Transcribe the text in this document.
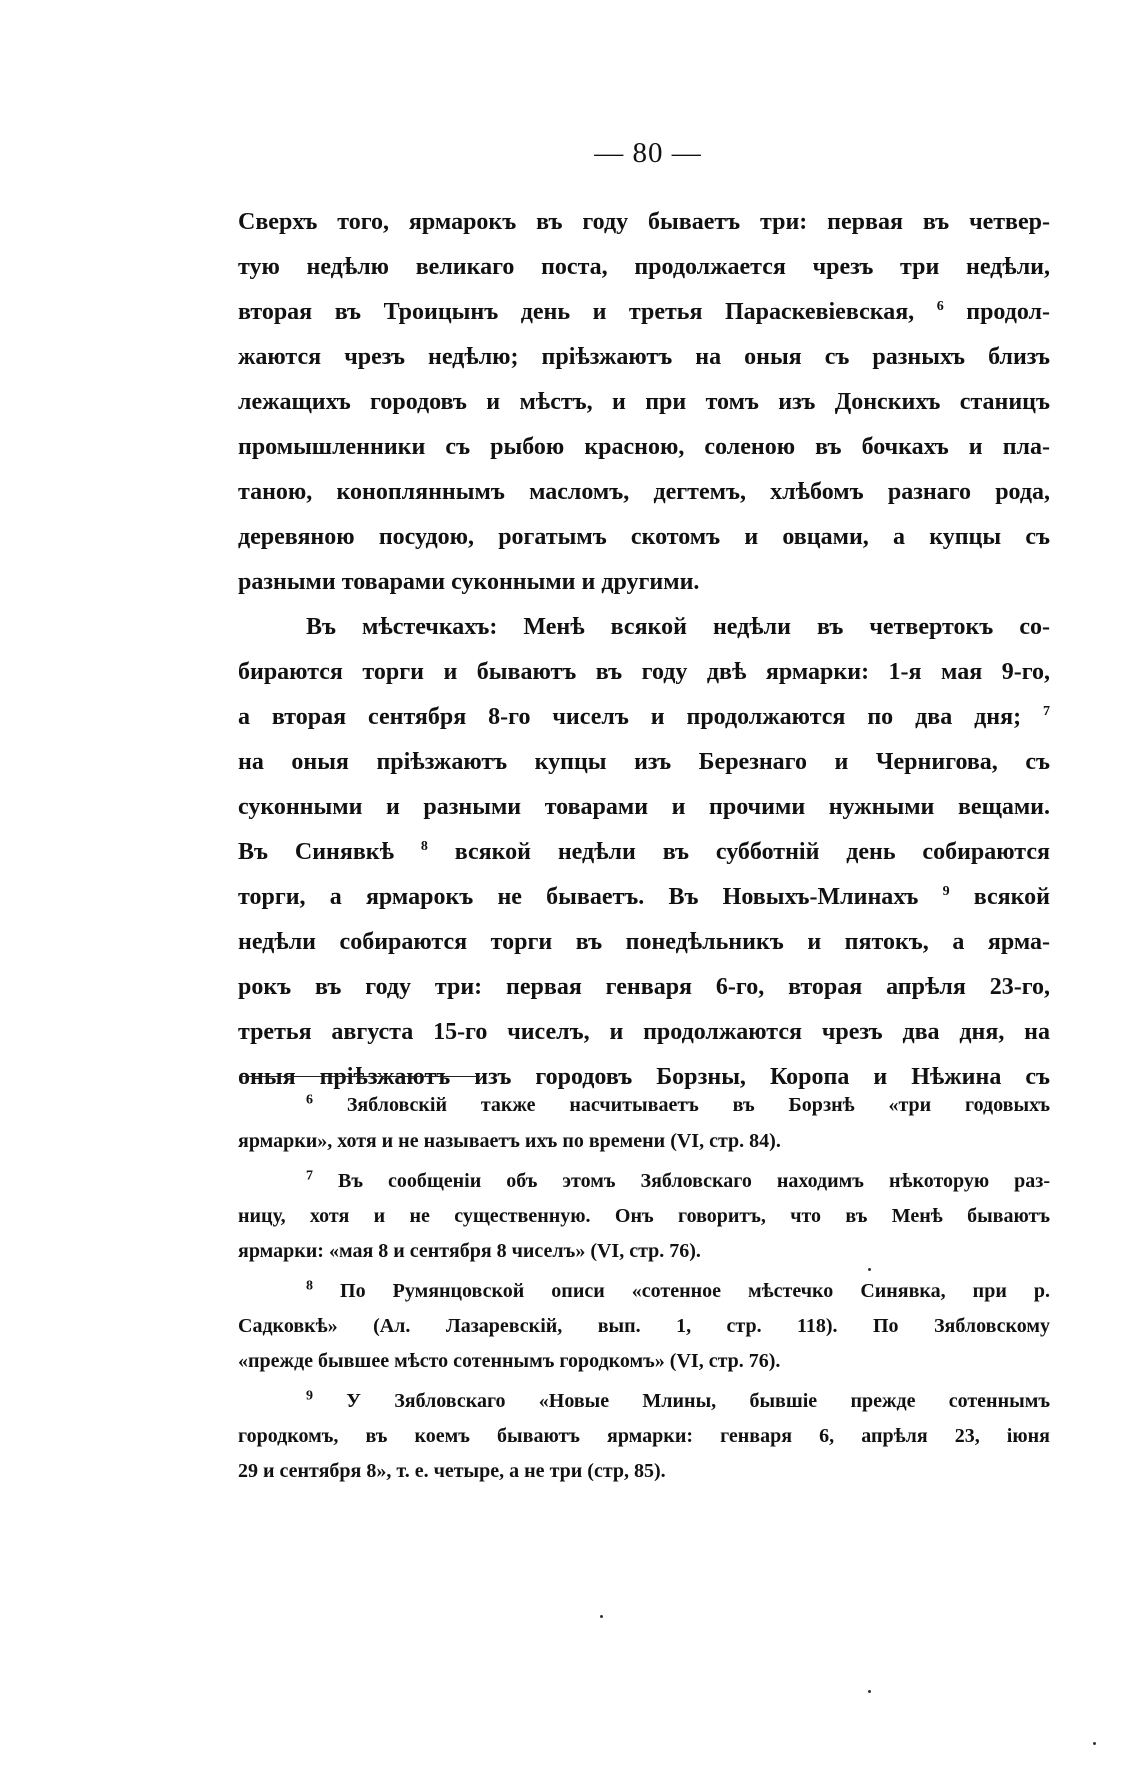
— 80 —
Сверхъ того, ярмарокъ въ году бываетъ три: первая въ четвер-
тую недѣлю великаго поста, продолжается чрезъ три недѣли,
вторая въ Троицынъ день и третья Параскевіевская, $^6$ продол-
жаются чрезъ недѣлю; пріѣзжаютъ на оныя съ разныхъ близъ
лежащихъ городовъ и мѣстъ, и при томъ изъ Донскихъ станицъ
промышленники съ рыбою красною, соленою въ бочкахъ и пла-
таною, конопляннымъ масломъ, дегтемъ, хлѣбомъ разнаго рода,
деревяною посудою, рогатымъ скотомъ и овцами, а купцы съ
разными товарами суконными и другими.
Въ мѣстечкахъ: Менѣ всякой недѣли въ четвертокъ со-
бираются торги и бываютъ въ году двѣ ярмарки: 1-я мая 9-го,
а вторая сентября 8-го чиселъ и продолжаются по два дня; $^7$
на оныя пріѣзжаютъ купцы изъ Березнаго и Чернигова, съ
суконными и разными товарами и прочими нужными вещами.
Въ Синявкѣ $^8$ всякой недѣли въ субботній день собираются
торги, а ярмарокъ не бываетъ. Въ Новыхъ-Млинахъ $^9$ всякой
недѣли собираются торги въ понедѣльникъ и пятокъ, а ярма-
рокъ въ году три: первая генваря 6-го, вторая апрѣля 23-го,
третья августа 15-го чиселъ, и продолжаются чрезъ два дня, на
оныя пріѣзжаютъ изъ городовъ Борзны, Коропа и Нѣжина съ
$^6$ Зябловскій также насчитываетъ въ Борзнѣ «три годовыхъ
ярмарки», хотя и не называетъ ихъ по времени (VI, стр. 84).
$^7$ Въ сообщеніи объ этомъ Зябловскаго находимъ нѣкоторую раз-
ницу, хотя и не существенную. Онъ говоритъ, что въ Менѣ бываютъ
ярмарки: «мая 8 и сентября 8 чиселъ» (VI, стр. 76).
$^8$ По Румянцовской описи «сотенное мѣстечко Синявка, при р.
Садковкѣ» (Ал. Лазаревскій, вып. 1, стр. 118). По Зябловскому
«прежде бывшее мѣсто сотеннымъ городкомъ» (VI, стр. 76).
$^9$ У Зябловскаго «Новые Млины, бывшіе прежде сотеннымъ
городкомъ, въ коемъ бываютъ ярмарки: генваря 6, апрѣля 23, іюня
29 и сентября 8», т. е. четыре, а не три (стр, 85).
